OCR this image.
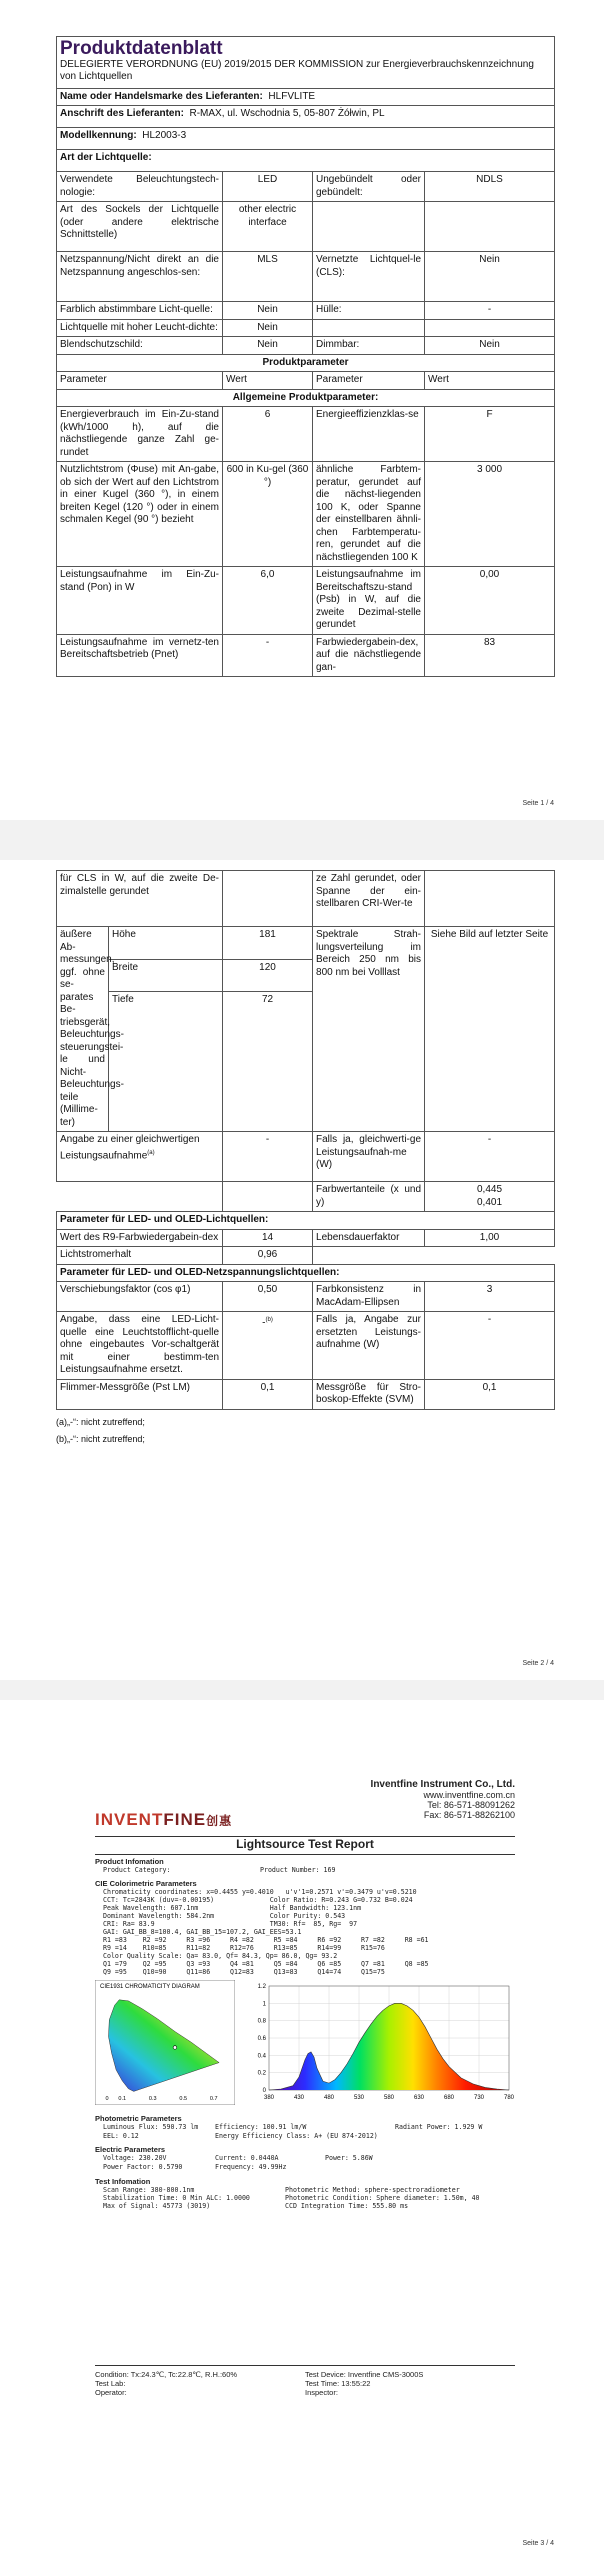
Produktdatenblatt
DELEGIERTE VERORDNUNG (EU) 2019/2015 DER KOMMISSION zur Energieverbrauchskennzeichnung von Lichtquellen			

Name oder Handelsmarke des Lieferanten: HLFVLITE			
Anschrift des Lieferanten: R-MAX, ul. Wschodnia 5, 05-807 Żółwin, PL			
Modellkennung: HL2003-3			
Art der Lichtquelle:			
Verwendete Beleuchtungstech-nologie:	LED	Ungebündelt oder gebündelt:	NDLS
Art des Sockels der Lichtquelle (oder andere elektrische Schnittstelle)	other electric interface		
Netzspannung/Nicht direkt an die Netzspannung angeschlos-sen:	MLS	Vernetzte Lichtquel-le (CLS):	Nein
Farblich abstimmbare Licht-quelle:	Nein	Hülle:	-
Lichtquelle mit hoher Leucht-dichte:	Nein		
Blendschutzschild:	Nein	Dimmbar:	Nein
Produktparameter			
Parameter	Wert	Parameter	Wert
Allgemeine Produktparameter:			
Energieverbrauch im Ein-Zu-stand (kWh/1000 h), auf die nächstliegende ganze Zahl ge-rundet	6	Energieeffizienzklas-se	F
Nutzlichtstrom (Φuse) mit An-gabe, ob sich der Wert auf den Lichtstrom in einer Kugel (360 °), in einem breiten Kegel (120 °) oder in einem schmalen Kegel (90 °) bezieht	600 in Ku-gel (360 °)	ähnliche Farbtem-peratur, gerundet auf die nächst-liegenden 100 K, oder Spanne der einstellbaren ähnli-chen Farbtemperatu-ren, gerundet auf die nächstliegenden 100 K	3 000
Leistungsaufnahme im Ein-Zu-stand (Pon) in W	6,0	Leistungsaufnahme im Bereitschaftszu-stand (Psb) in W, auf die zweite Dezimal-stelle gerundet	0,00
Leistungsaufnahme im vernetz-ten Bereitschaftsbetrieb (Pnet)	-	Farbwiedergabein-dex, auf die nächstliegende gan-	83
Seite 1 / 4
für CLS in W, auf die zweite De-zimalstelle gerundet			ze Zahl gerundet, oder Spanne der ein-stellbaren CRI-Wer-te	
äußere Ab-messungen, ggf. ohne se-parates Be-triebsgerät, Beleuchtungs-steuerungstei-le und Nicht-Beleuchtungs-teile (Millime-ter)	Höhe	181	Spektrale Strah-lungsverteilung im Bereich 250 nm bis 800 nm bei Volllast	Siehe Bild auf letzter Seite
	Breite	120		
	Tiefe	72		
Angabe zu einer gleichwertigen Leistungsaufnahme$^{(a)}$		-	Falls ja, gleichwerti-ge Leistungsaufnah-me (W)	-
			Farbwertanteile (x und y)	0,445
0,401

Parameter für LED- und OLED-Lichtquellen:				
Wert des R9-Farbwiedergabein-dex		14	Lebensdauerfaktor	1,00
Lichtstromerhalt		0,96		
Parameter für LED- und OLED-Netzspannungslichtquellen:				
Verschiebungsfaktor (cos φ1)		0,50	Farbkonsistenz in MacAdam-Ellipsen	3
Angabe, dass eine LED-Licht-quelle eine Leuchtstofflicht-quelle ohne eingebautes Vor-schaltgerät mit einer bestimm-ten Leistungsaufnahme ersetzt.		-$^{(b)}$	Falls ja, Angabe zur ersetzten Leistungs-aufnahme (W)	-
Flimmer-Messgröße (Pst LM)		0,1	Messgröße für Stro-boskop-Effekte (SVM)	0,1
(a)„-“: nicht zutreffend;
(b)„-“: nicht zutreffend;
Seite 2 / 4
Inventfine Instrument Co., Ltd.
www.inventfine.com.cn
Tel: 86-571-88091262
Fax: 86-571-88262100
INVENTFINE创惠
Lightsource Test Report
Product Infomation
Product Category:	Product Number: 169
CIE Colorimetric Parameters
Chromaticity coordinates: x=0.4455 y=0.4010   u'v'1=0.2571 v'=0.3479 u'v=0.5210
CCT: Tc=2843K (duv=-0.00195)              Color Ratio: R=0.243 G=0.732 B=0.024
Peak Wavelength: 607.1nm                  Half Bandwidth: 123.1nm
Dominant Wavelength: 584.2nm              Color Purity: 0.543
CRI: Ra= 83.9                             TM30: Rf=  85, Rg=  97
GAI: GAI_BB_8=100.4, GAI_BB_15=107.2, GAI_EES=53.1
R1 =83    R2 =92     R3 =96     R4 =82     R5 =84     R6 =92     R7 =82     R8 =61
R9 =14    R10=85     R11=82     R12=76     R13=85     R14=99     R15=76
Color Quality Scale: Qa= 83.0, Qf= 84.3, Qp= 86.0, Qg= 93.2
Q1 =79    Q2 =95     Q3 =93     Q4 =81     Q5 =84     Q6 =85     Q7 =81     Q8 =85
Q9 =95    Q10=90     Q11=86     Q12=83     Q13=83     Q14=74     Q15=75
CIE1931 CHROMATICITY DIAGRAM
0 0.1	0.3	0.5	0.7
0
0.2
0.4
0.6
0.8
1
1.2
380	430	480	530	580	630	680	730	780
Photometric Parameters
Luminous Flux: 590.73 lm	Efficiency: 100.91 lm/W	Radiant Power: 1.929 W
EEL: 0.12	Energy Efficiency Class: A+ (EU 874-2012)
Electric Parameters
Voltage: 230.20V	Current: 0.0440A	Power: 5.86W
Power Factor: 0.5790	Frequency: 49.99Hz
Test Infomation
Scan Range: 380-800.1nm	Photometric Method: sphere-spectroradiometer
Stabilization Time: 0 Min ALC: 1.0000	Photometric Condition: Sphere diameter: 1.50m, 40
Max of Signal: 45773 (3019)	CCD Integration Time: 555.80 ms
Condition: Tx:24.3℃, Tc:22.8℃, R.H.:60%	Test Device: Inventfine CMS-3000S
Test Lab:	Test Time: 13:55:22
Operator:	Inspector:
Seite 3 / 4
